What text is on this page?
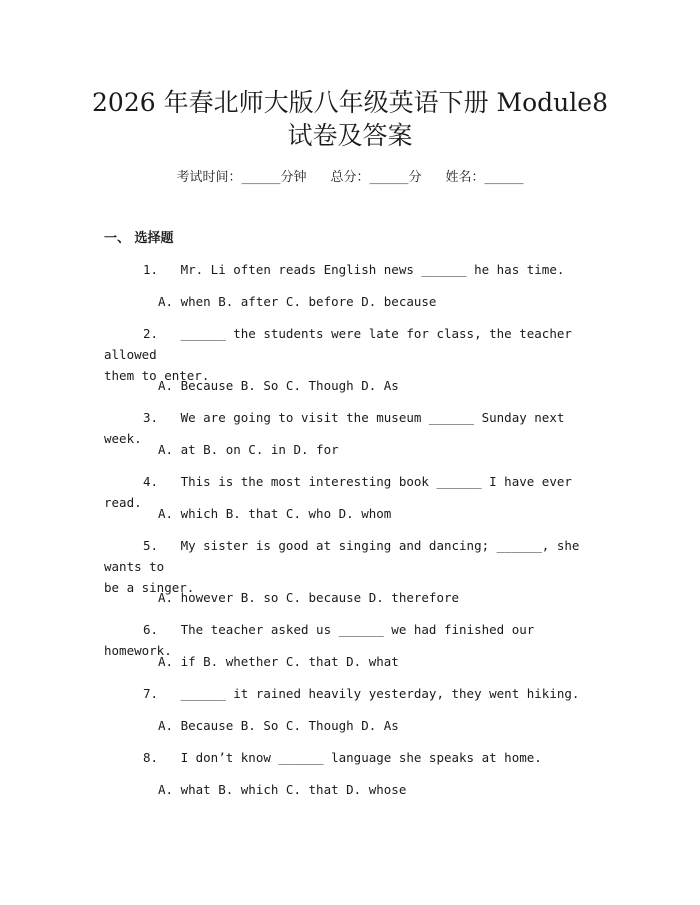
2026 年春北师大版八年级英语下册 Module8
试卷及答案
考试时间：______分钟 总分：______分 姓名：______
一、 选择题
1. Mr. Li often reads English news ______ he has time.
A. when B. after C. before D. because
2. ______ the students were late for class, the teacher allowed
them to enter.
A. Because B. So C. Though D. As
3. We are going to visit the museum ______ Sunday next week.
A. at B. on C. in D. for
4. This is the most interesting book ______ I have ever read.
A. which B. that C. who D. whom
5. My sister is good at singing and dancing; ______, she wants to
be a singer.
A. however B. so C. because D. therefore
6. The teacher asked us ______ we had finished our homework.
A. if B. whether C. that D. what
7. ______ it rained heavily yesterday, they went hiking.
A. Because B. So C. Though D. As
8. I don’t know ______ language she speaks at home.
A. what B. which C. that D. whose
